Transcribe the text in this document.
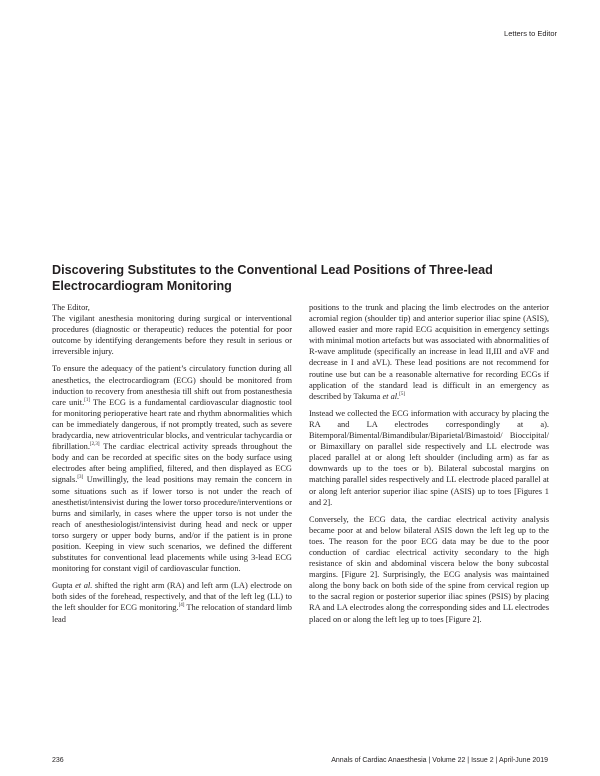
Letters to Editor
Discovering Substitutes to the Conventional Lead Positions of Three-lead Electrocardiogram Monitoring

The Editor,

The vigilant anesthesia monitoring during surgical or interventional procedures (diagnostic or therapeutic) reduces the potential for poor outcome by identifying derangements before they result in serious or irreversible injury.

To ensure the adequacy of the patient’s circulatory function during all anesthetics, the electrocardiogram (ECG) should be monitored from induction to recovery from anesthesia till shift out from postanesthesia care unit.[1] The ECG is a fundamental cardiovascular diagnostic tool for monitoring perioperative heart rate and rhythm abnormalities which can be immediately dangerous, if not promptly treated, such as severe bradycardia, new atrioventricular blocks, and ventricular tachycardia or fibrillation.[2,3] The cardiac electrical activity spreads throughout the body and can be recorded at specific sites on the body surface using electrodes after being amplified, filtered, and then displayed as ECG signals.[3] Unwillingly, the lead positions may remain the concern in some situations such as if lower torso is not under the reach of anesthetist/intensivist during the lower torso procedure/interventions or burns and similarly, in cases where the upper torso is not under the reach of anesthesiologist/intensivist during head and neck or upper torso surgery or upper body burns, and/or if the patient is in prone position. Keeping in view such scenarios, we defined the different substitutes for conventional lead placements while using 3-lead ECG monitoring for constant vigil of cardiovascular function.

Gupta et al. shifted the right arm (RA) and left arm (LA) electrode on both sides of the forehead, respectively, and that of the left leg (LL) to the left shoulder for ECG monitoring.[4] The relocation of standard limb lead

positions to the trunk and placing the limb electrodes on the anterior acromial region (shoulder tip) and anterior superior iliac spine (ASIS), allowed easier and more rapid ECG acquisition in emergency settings with minimal motion artefacts but was associated with abnormalities of R-wave amplitude (specifically an increase in lead II,III and aVF and decrease in I and aVL). These lead positions are not recommend for routine use but can be a reasonable alternative for recording ECGs if application of the standard lead is difficult in an emergency as described by Takuma et al.[5]

Instead we collected the ECG information with accuracy by placing the RA and LA electrodes correspondingly at a). Bitemporal/Bimental/Bimandibular/Biparietal/Bimastoid/ Bioccipital/ or Bimaxillary on parallel side respectively and LL electrode was placed parallel at or along left shoulder (including arm) as far as downwards up to the toes or b). Bilateral subcostal margins on matching parallel sides respectively and LL electrode placed parallel at or along left anterior superior iliac spine (ASIS) up to toes [Figures 1 and 2].

Conversely, the ECG data, the cardiac electrical activity analysis became poor at and below bilateral ASIS down the left leg up to the toes. The reason for the poor ECG data may be due to the poor conduction of cardiac electrical activity secondary to the high resistance of skin and abdominal viscera below the bony subcostal margins. [Figure 2]. Surprisingly, the ECG analysis was maintained along the bony back on both side of the spine from cervical region up to the sacral region or posterior superior iliac spines (PSIS) by placing RA and LA electrodes along the corresponding sides and LL electrodes placed on or along the left leg up to toes [Figure 2].

236	Annals of Cardiac Anaesthesia | Volume 22 | Issue 2 | April-June 2019
